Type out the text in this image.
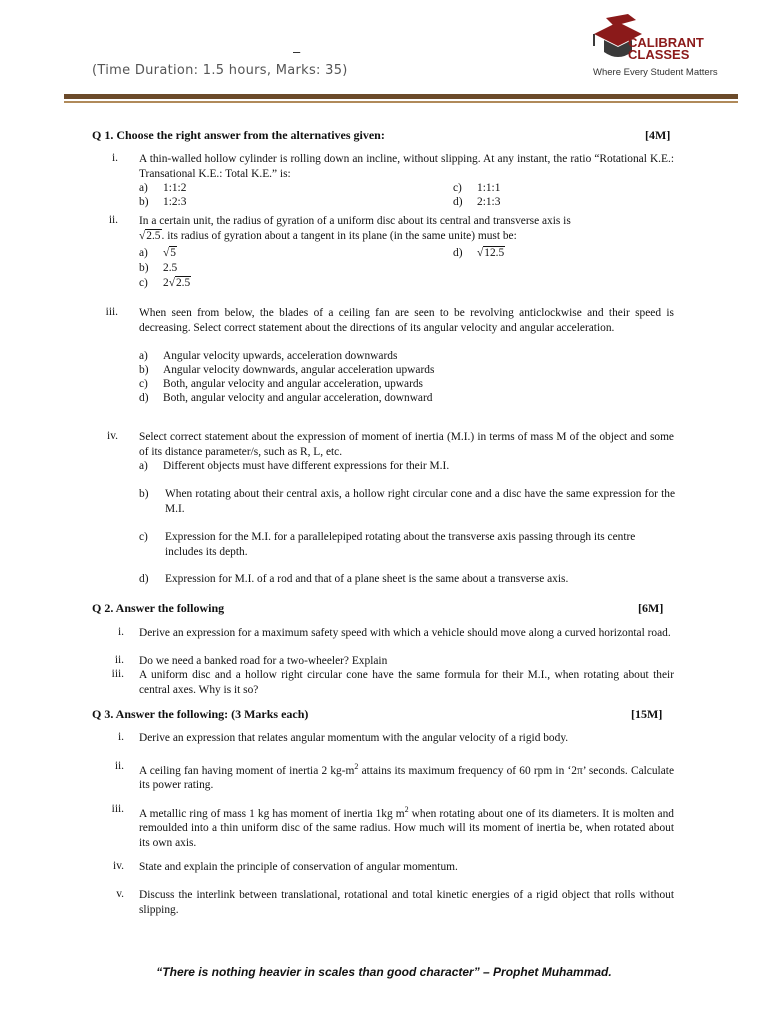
–
(Time Duration: 1.5 hours, Marks: 35)
CALIBRANT
CLASSES
Where Every Student Matters
Q 1. Choose the right answer from the alternatives given:	[4M]
i. A thin-walled hollow cylinder is rolling down an incline, without slipping. At any instant, the ratio “Rotational K.E.: Transational K.E.: Total K.E.” is:
a) 1:1:2
b) 1:2:3
c) 1:1:1
d) 2:1:3
ii. In a certain unit, the radius of gyration of a uniform disc about its central and transverse axis is
√2.5. its radius of gyration about a tangent in its plane (in the same unite) must be:
a) √5
b) 2.5
c) 2√2.5
d) √12.5
iii. When seen from below, the blades of a ceiling fan are seen to be revolving anticlockwise and their speed is decreasing. Select correct statement about the directions of its angular velocity and angular acceleration.
a) Angular velocity upwards, acceleration downwards
b) Angular velocity downwards, angular acceleration upwards
c) Both, angular velocity and angular acceleration, upwards
d) Both, angular velocity and angular acceleration, downward
iv. Select correct statement about the expression of moment of inertia (M.I.) in terms of mass M of the object and some of its distance parameter/s, such as R, L, etc.
a) Different objects must have different expressions for their M.I.
b)	When rotating about their central axis, a hollow right circular cone and a disc have the same expression for the M.I.
c)	Expression for the M.I. for a parallelepiped rotating about the transverse axis passing through its centre includes its depth.
d)	Expression for M.I. of a rod and that of a plane sheet is the same about a transverse axis.
Q 2. Answer the following	[6M]
i. Derive an expression for a maximum safety speed with which a vehicle should move along a curved horizontal road.
ii. Do we need a banked road for a two-wheeler? Explain
iii. A uniform disc and a hollow right circular cone have the same formula for their M.I., when rotating about their central axes. Why is it so?
Q 3. Answer the following: (3 Marks each)	[15M]
i. Derive an expression that relates angular momentum with the angular velocity of a rigid body.
ii. A ceiling fan having moment of inertia 2 $kg-m^2$ attains its maximum frequency of 60 rpm in ‘2π’ seconds. Calculate its power rating.
iii. A metallic ring of mass 1 kg has moment of inertia 1kg $m^2$ when rotating about one of its diameters. It is molten and remoulded into a thin uniform disc of the same radius. How much will its moment of inertia be, when rotated about its own axis.
iv. State and explain the principle of conservation of angular momentum.
v. Discuss the interlink between translational, rotational and total kinetic energies of a rigid object that rolls without slipping.
“There is nothing heavier in scales than good character” – Prophet Muhammad.
